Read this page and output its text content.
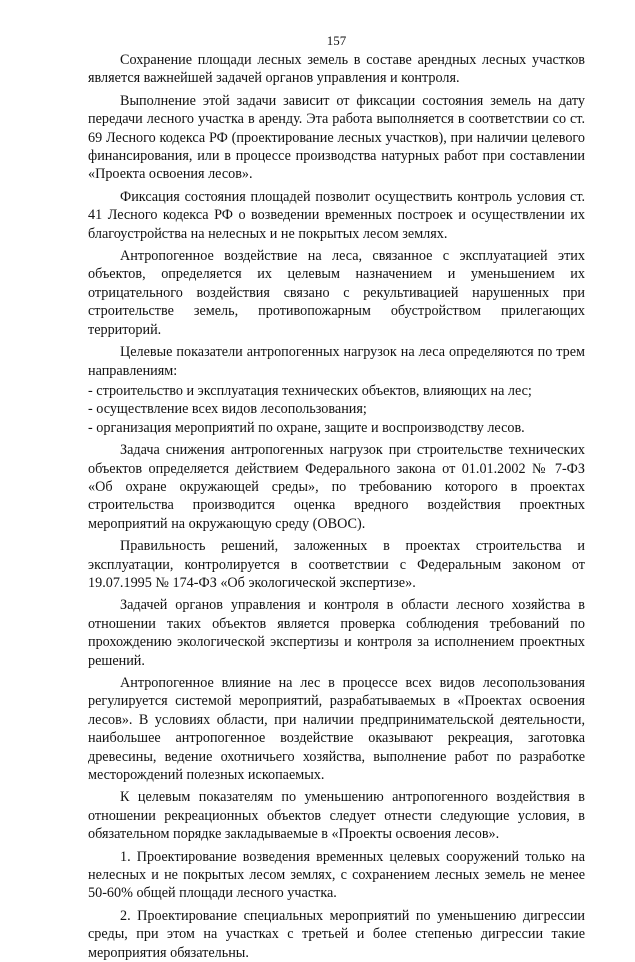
157

Сохранение площади лесных земель в составе арендных лесных участков является важнейшей задачей органов управления и контроля.

Выполнение этой задачи зависит от фиксации состояния земель на дату передачи лесного участка в аренду. Эта работа выполняется в соответствии со ст. 69 Лесного кодекса РФ (проектирование лесных участков), при наличии целевого финансирования, или в процессе производства натурных работ при составлении «Проекта освоения лесов».

Фиксация состояния площадей позволит осуществить контроль условия ст. 41 Лесного кодекса РФ о возведении временных построек и осуществлении их благоустройства на нелесных и не покрытых лесом землях.

Антропогенное воздействие на леса, связанное с эксплуатацией этих объектов, определяется их целевым назначением и уменьшением их отрицательного воздействия связано с рекультивацией нарушенных при строительстве земель, противопожарным обустройством прилегающих территорий.

Целевые показатели антропогенных нагрузок на леса определяются по трем направлениям:

- строительство и эксплуатация технических объектов, влияющих на лес;

- осуществление всех видов лесопользования;

- организация мероприятий по охране, защите и воспроизводству лесов.

Задача снижения антропогенных нагрузок при строительстве технических объектов определяется действием Федерального закона от 01.01.2002 № 7-ФЗ «Об охране окружающей среды», по требованию которого в проектах строительства производится оценка вредного воздействия проектных мероприятий на окружающую среду (ОВОС).

Правильность решений, заложенных в проектах строительства и эксплуатации, контролируется в соответствии с Федеральным законом от 19.07.1995 № 174-ФЗ «Об экологической экспертизе».

Задачей органов управления и контроля в области лесного хозяйства в отношении таких объектов является проверка соблюдения требований по прохождению экологической экспертизы и контроля за исполнением проектных решений.

Антропогенное влияние на лес в процессе всех видов лесопользования регулируется системой мероприятий, разрабатываемых в «Проектах освоения лесов». В условиях области, при наличии предпринимательской деятельности, наибольшее антропогенное воздействие оказывают рекреация, заготовка древесины, ведение охотничьего хозяйства, выполнение работ по разработке месторождений полезных ископаемых.

К целевым показателям по уменьшению антропогенного воздействия в отношении рекреационных объектов следует отнести следующие условия, в обязательном порядке закладываемые в «Проекты освоения лесов».

1. Проектирование возведения временных целевых сооружений только на нелесных и не покрытых лесом землях, с сохранением лесных земель не менее 50-60% общей площади лесного участка.

2. Проектирование специальных мероприятий по уменьшению дигрессии среды, при этом на участках с третьей и более степенью дигрессии такие мероприятия обязательны.
